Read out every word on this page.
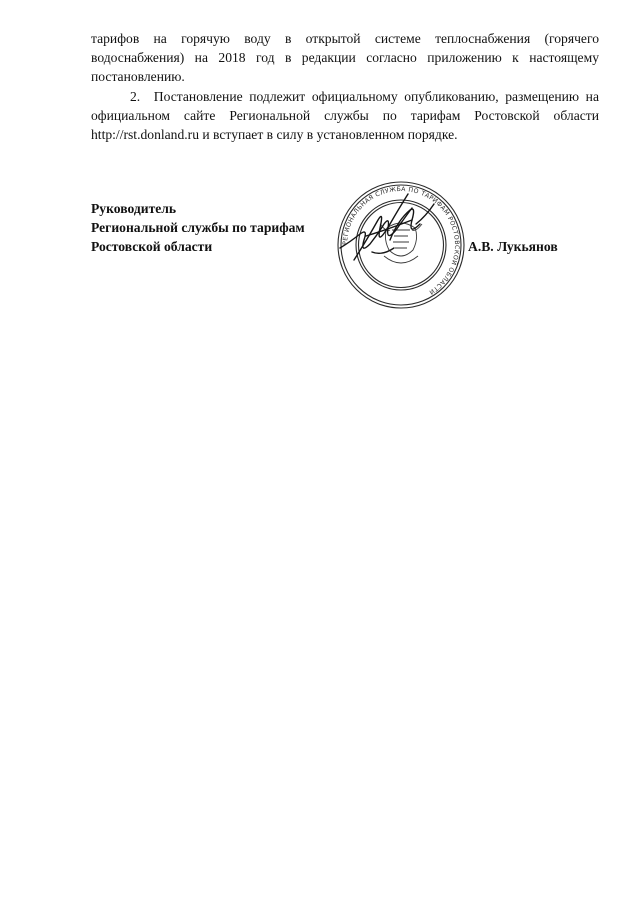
тарифов на горячую воду в открытой системе теплоснабжения (горячего водоснабжения) на 2018 год в редакции согласно приложению к настоящему постановлению.

2. Постановление подлежит официальному опубликованию, размещению на официальном сайте Региональной службы по тарифам Ростовской области http://rst.donland.ru и вступает в силу в установленном порядке.

Руководитель
Региональной службы по тарифам
Ростовской области	РЕГИОНАЛЬНАЯ СЛУЖБА ПО ТАРИФАМ РОСТОВСКОЙ ОБЛАСТИ
А.В. Лукьянов
